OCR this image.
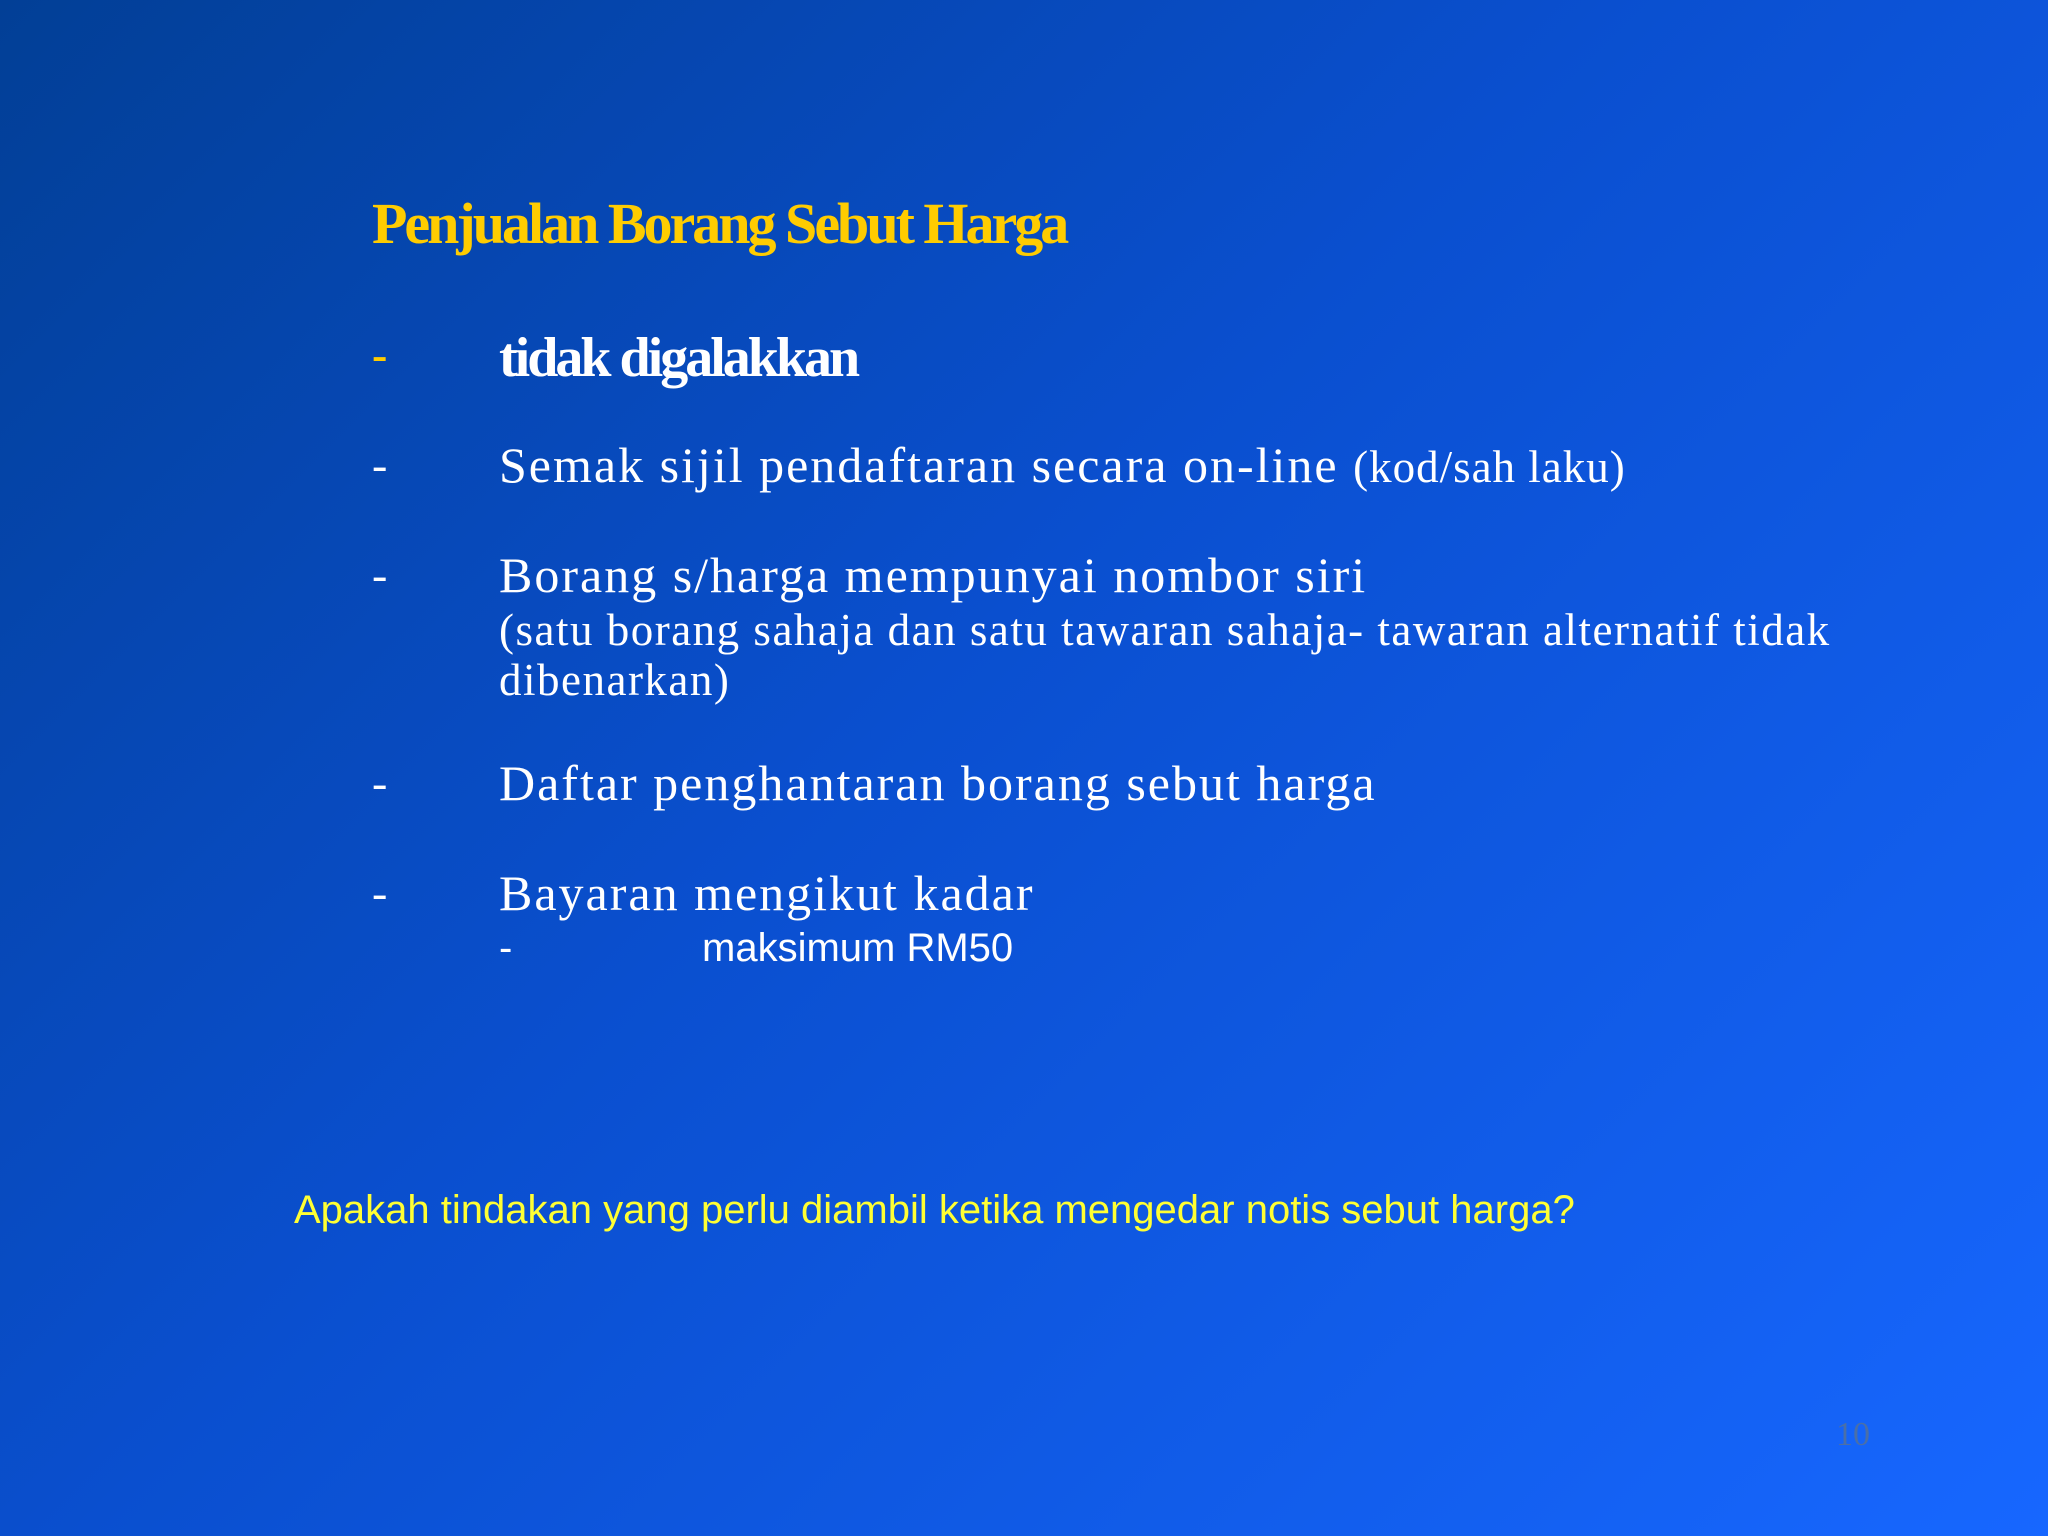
Penjualan Borang Sebut Harga
- tidak digalakkan
- Semak sijil pendaftaran secara on-line (kod/sah laku)
- Borang s/harga mempunyai nombor siri
(satu borang sahaja dan satu tawaran sahaja- tawaran alternatif tidak dibenarkan)
- Daftar penghantaran borang sebut harga
- Bayaran mengikut kadar
-	maksimum RM50
Apakah tindakan yang perlu diambil ketika mengedar notis sebut harga?
10
